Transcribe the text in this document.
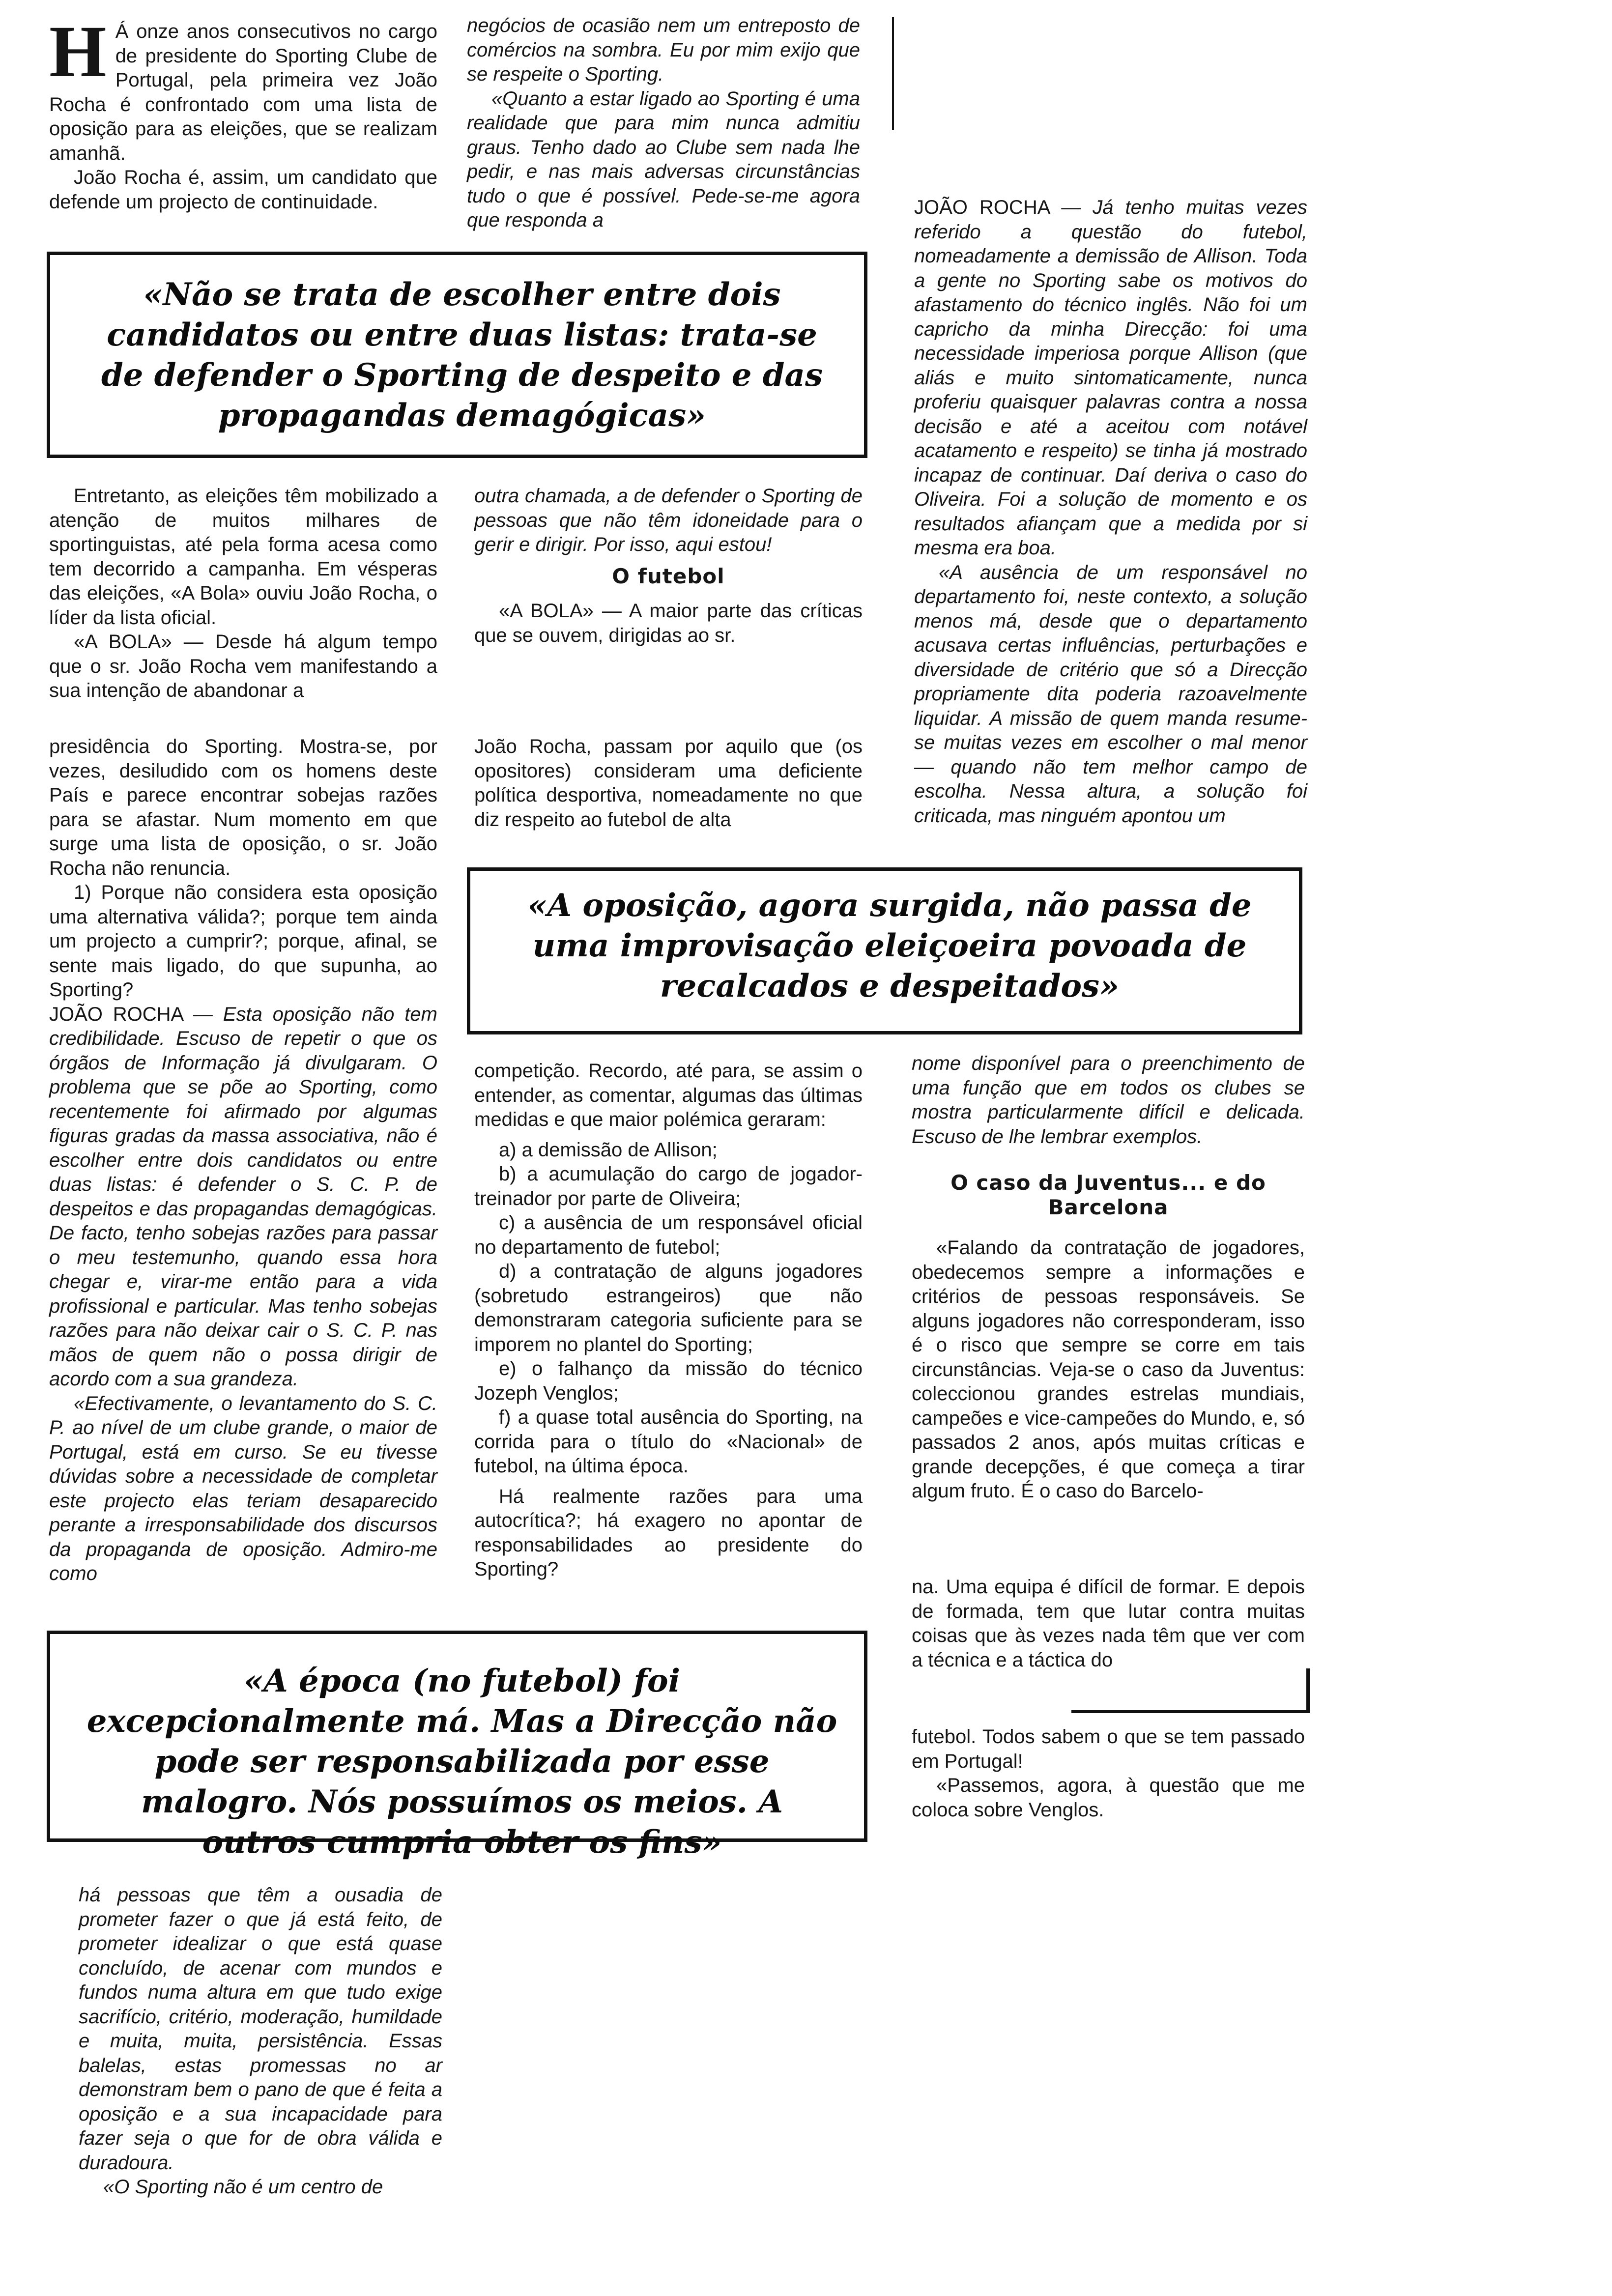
H Á onze anos consecutivos no cargo de presidente do Sporting Clube de Portugal, pela primeira vez João Rocha é confrontado com uma lista de oposição para as eleições, que se realizam amanhã.

João Rocha é, assim, um candidato que defende um projecto de continuidade.

negócios de ocasião nem um entreposto de comércios na sombra. Eu por mim exijo que se respeite o Sporting.

«Quanto a estar ligado ao Sporting é uma realidade que para mim nunca admitiu graus. Tenho dado ao Clube sem nada lhe pedir, e nas mais adversas circunstâncias tudo o que é possível. Pede-se-me agora que responda a

«Não se trata de escolher entre dois candidatos ou entre duas listas: trata-se de defender o Sporting de despeito e das propagandas demagógicas»

JOÃO ROCHA — Já tenho muitas vezes referido a questão do futebol, nomeadamente a demissão de Allison. Toda a gente no Sporting sabe os motivos do afastamento do técnico inglês. Não foi um capricho da minha Direcção: foi uma necessidade imperiosa porque Allison (que aliás e muito sintomaticamente, nunca proferiu quaisquer palavras contra a nossa decisão e até a aceitou com notável acatamento e respeito) se tinha já mostrado incapaz de continuar. Daí deriva o caso do Oliveira. Foi a solução de momento e os resultados afiançam que a medida por si mesma era boa.

«A ausência de um responsável no departamento foi, neste contexto, a solução menos má, desde que o departamento acusava certas influências, perturbações e diversidade de critério que só a Direcção propriamente dita poderia razoavelmente liquidar. A missão de quem manda resume-se muitas vezes em escolher o mal menor — quando não tem melhor campo de escolha. Nessa altura, a solução foi criticada, mas ninguém apontou um

Entretanto, as eleições têm mobilizado a atenção de muitos milhares de sportinguistas, até pela forma acesa como tem decorrido a campanha. Em vésperas das eleições, «A Bola» ouviu João Rocha, o líder da lista oficial.

«A BOLA» — Desde há algum tempo que o sr. João Rocha vem manifestando a sua intenção de abandonar a

outra chamada, a de defender o Sporting de pessoas que não têm idoneidade para o gerir e dirigir. Por isso, aqui estou!

O futebol

«A BOLA» — A maior parte das críticas que se ouvem, dirigidas ao sr.

presidência do Sporting. Mostra-se, por vezes, desiludido com os homens deste País e parece encontrar sobejas razões para se afastar. Num momento em que surge uma lista de oposição, o sr. João Rocha não renuncia.

1) Porque não considera esta oposição uma alternativa válida?; porque tem ainda um projecto a cumprir?; porque, afinal, se sente mais ligado, do que supunha, ao Sporting?

JOÃO ROCHA — Esta oposição não tem credibilidade. Escuso de repetir o que os órgãos de Informação já divulgaram. O problema que se põe ao Sporting, como recentemente foi afirmado por algumas figuras gradas da massa associativa, não é escolher entre dois candidatos ou entre duas listas: é defender o S. C. P. de despeitos e das propagandas demagógicas. De facto, tenho sobejas razões para passar o meu testemunho, quando essa hora chegar e, virar-me então para a vida profissional e particular. Mas tenho sobejas razões para não deixar cair o S. C. P. nas mãos de quem não o possa dirigir de acordo com a sua grandeza.

«Efectivamente, o levantamento do S. C. P. ao nível de um clube grande, o maior de Portugal, está em curso. Se eu tivesse dúvidas sobre a necessidade de completar este projecto elas teriam desaparecido perante a irresponsabilidade dos discursos da propaganda de oposição. Admiro-me como

João Rocha, passam por aquilo que (os opositores) consideram uma deficiente política desportiva, nomeadamente no que diz respeito ao futebol de alta

«A oposição, agora surgida, não passa de uma improvisação eleiçoeira povoada de recalcados e despeitados»

competição. Recordo, até para, se assim o entender, as comentar, algumas das últimas medidas e que maior polémica geraram:

a) a demissão de Allison;
b) a acumulação do cargo de jogador-treinador por parte de Oliveira;
c) a ausência de um responsável oficial no departamento de futebol;
d) a contratação de alguns jogadores (sobretudo estrangeiros) que não demonstraram categoria suficiente para se imporem no plantel do Sporting;
e) o falhanço da missão do técnico Jozeph Venglos;
f) a quase total ausência do Sporting, na corrida para o título do «Nacional» de futebol, na última época.

Há realmente razões para uma autocrítica?; há exagero no apontar de responsabilidades ao presidente do Sporting?

nome disponível para o preenchimento de uma função que em todos os clubes se mostra particularmente difícil e delicada. Escuso de lhe lembrar exemplos.

O caso da Juventus... e do Barcelona

«Falando da contratação de jogadores, obedecemos sempre a informações e critérios de pessoas responsáveis. Se alguns jogadores não corresponderam, isso é o risco que sempre se corre em tais circunstâncias. Veja-se o caso da Juventus: coleccionou grandes estrelas mundiais, campeões e vice-campeões do Mundo, e, só passados 2 anos, após muitas críticas e grande decepções, é que começa a tirar algum fruto. É o caso do Barcelo-

na. Uma equipa é difícil de formar. E depois de formada, tem que lutar contra muitas coisas que às vezes nada têm que ver com a técnica e a táctica do

«A época (no futebol) foi excepcionalmente má. Mas a Direcção não pode ser responsabilizada por esse malogro. Nós possuímos os meios. A outros cumpria obter os fins»

futebol. Todos sabem o que se tem passado em Portugal!

«Passemos, agora, à questão que me coloca sobre Venglos.

há pessoas que têm a ousadia de prometer fazer o que já está feito, de prometer idealizar o que está quase concluído, de acenar com mundos e fundos numa altura em que tudo exige sacrifício, critério, moderação, humildade e muita, muita, persistência. Essas balelas, estas promessas no ar demonstram bem o pano de que é feita a oposição e a sua incapacidade para fazer seja o que for de obra válida e duradoura.

«O Sporting não é um centro de
